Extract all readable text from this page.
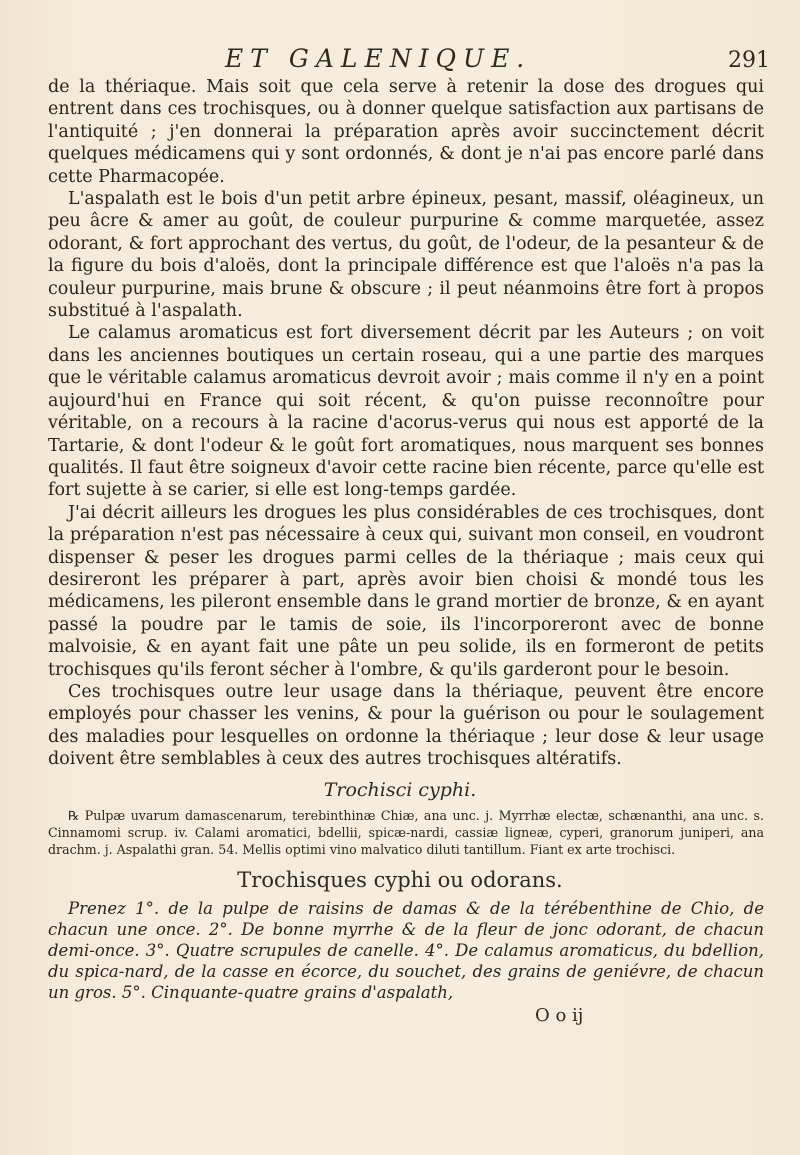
ET GALENIQUE.	291

de la thériaque. Mais soit que cela serve à retenir la dose des drogues qui entrent dans ces trochisques, ou à donner quelque satisfaction aux partisans de l'antiquité ; j'en donnerai la préparation après avoir succinctement décrit quelques médicamens qui y sont ordonnés, & dont je n'ai pas encore parlé dans cette Pharmacopée.

L'aspalath est le bois d'un petit arbre épineux, pesant, massif, oléagineux, un peu âcre & amer au goût, de couleur purpurine & comme marquetée, assez odorant, & fort approchant des vertus, du goût, de l'odeur, de la pesanteur & de la figure du bois d'aloës, dont la principale différence est que l'aloës n'a pas la couleur purpurine, mais brune & obscure ; il peut néanmoins être fort à propos substitué à l'aspalath.

Le calamus aromaticus est fort diversement décrit par les Auteurs ; on voit dans les anciennes boutiques un certain roseau, qui a une partie des marques que le véritable calamus aromaticus devroit avoir ; mais comme il n'y en a point aujourd'hui en France qui soit récent, & qu'on puisse reconnoître pour véritable, on a recours à la racine d'acorus-verus qui nous est apporté de la Tartarie, & dont l'odeur & le goût fort aromatiques, nous marquent ses bonnes qualités. Il faut être soigneux d'avoir cette racine bien récente, parce qu'elle est fort sujette à se carier, si elle est long-temps gardée.

J'ai décrit ailleurs les drogues les plus considérables de ces trochisques, dont la préparation n'est pas nécessaire à ceux qui, suivant mon conseil, en voudront dispenser & peser les drogues parmi celles de la thériaque ; mais ceux qui desireront les préparer à part, après avoir bien choisi & mondé tous les médicamens, les pileront ensemble dans le grand mortier de bronze, & en ayant passé la poudre par le tamis de soie, ils l'incorporeront avec de bonne malvoisie, & en ayant fait une pâte un peu solide, ils en formeront de petits trochisques qu'ils feront sécher à l'ombre, & qu'ils garderont pour le besoin.

Ces trochisques outre leur usage dans la thériaque, peuvent être encore employés pour chasser les venins, & pour la guérison ou pour le soulagement des maladies pour lesquelles on ordonne la thériaque ; leur dose & leur usage doivent être semblables à ceux des autres trochisques altératifs.

Trochisci cyphi.

℞ Pulpæ uvarum damascenarum, terebinthinæ Chiæ, ana unc. j. Myrrhæ electæ, schænanthi, ana unc. s. Cinnamomi scrup. iv. Calami aromatici, bdellii, spicæ-nardi, cassiæ ligneæ, cyperi, granorum juniperi, ana drachm. j. Aspalathi gran. 54. Mellis optimi vino malvatico diluti tantillum. Fiant ex arte trochisci.

Trochisques cyphi ou odorans.

Prenez 1°. de la pulpe de raisins de damas & de la térébenthine de Chio, de chacun une once. 2°. De bonne myrrhe & de la fleur de jonc odorant, de chacun demi-once. 3°. Quatre scrupules de canelle. 4°. De calamus aromaticus, du bdellion, du spica-nard, de la casse en écorce, du souchet, des grains de geniévre, de chacun un gros. 5°. Cinquante-quatre grains d'aspalath,

O o ij
